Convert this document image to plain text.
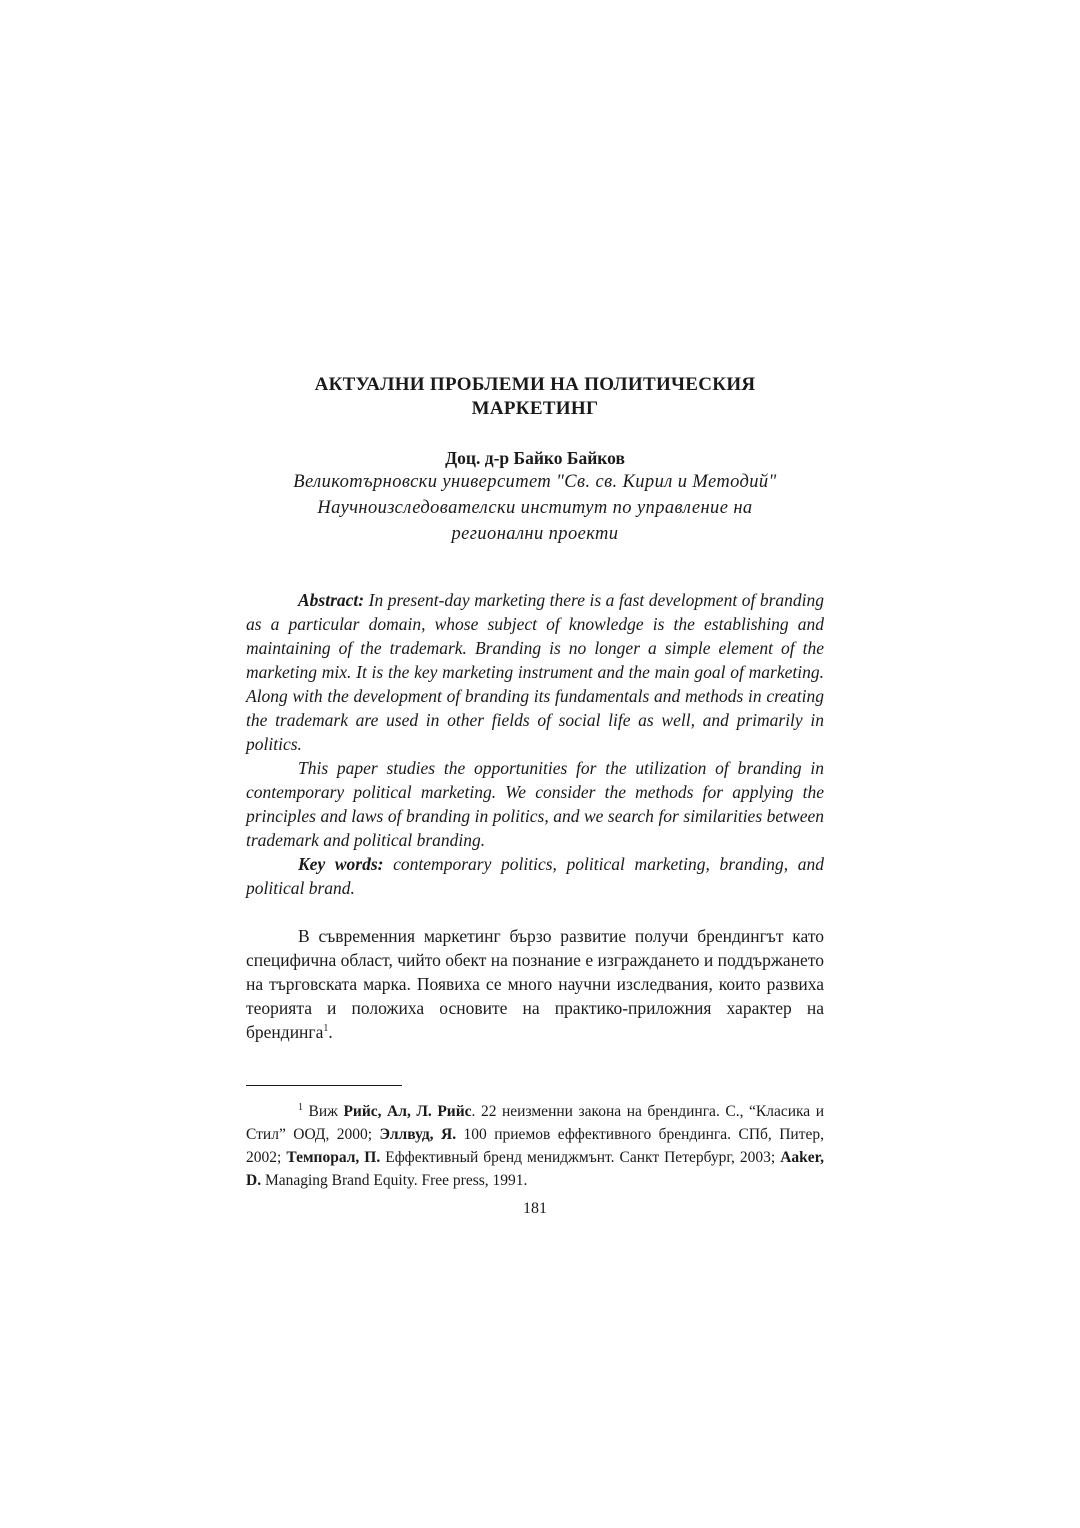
АКТУАЛНИ ПРОБЛЕМИ НА ПОЛИТИЧЕСКИЯ
МАРКЕТИНГ
Доц. д-р Байко Байков
Великотърновски университет "Св. св. Кирил и Методий"
Научноизследователски институт по управление на
регионални проекти

Abstract: In present-day marketing there is a fast development of branding as a particular domain, whose subject of knowledge is the establishing and maintaining of the trademark. Branding is no longer a simple element of the marketing mix. It is the key marketing instrument and the main goal of marketing. Along with the development of branding its fundamentals and methods in creating the trademark are used in other fields of social life as well, and primarily in politics.

This paper studies the opportunities for the utilization of branding in contemporary political marketing. We consider the methods for applying the principles and laws of branding in politics, and we search for similarities between trademark and political branding.

Key words: contemporary politics, political marketing, branding, and political brand.

В съвременния маркетинг бързо развитие получи брендингът като специфична област, чийто обект на познание е изграждането и поддържането на търговската марка. Появиха се много научни изследвания, които развиха теорията и положиха основите на практико-приложния характер на брендинга$^1$.

$^1$ Виж Рийс, Ал, Л. Рийс. 22 неизменни закона на брендинга. С., “Класика и Стил” ООД, 2000; Эллвуд, Я. 100 приемов еффективного брендинга. СПб, Питер, 2002; Темпорал, П. Еффективный бренд мениджмънт. Санкт Петербург, 2003; Aaker, D. Managing Brand Equity. Free press, 1991.

181
